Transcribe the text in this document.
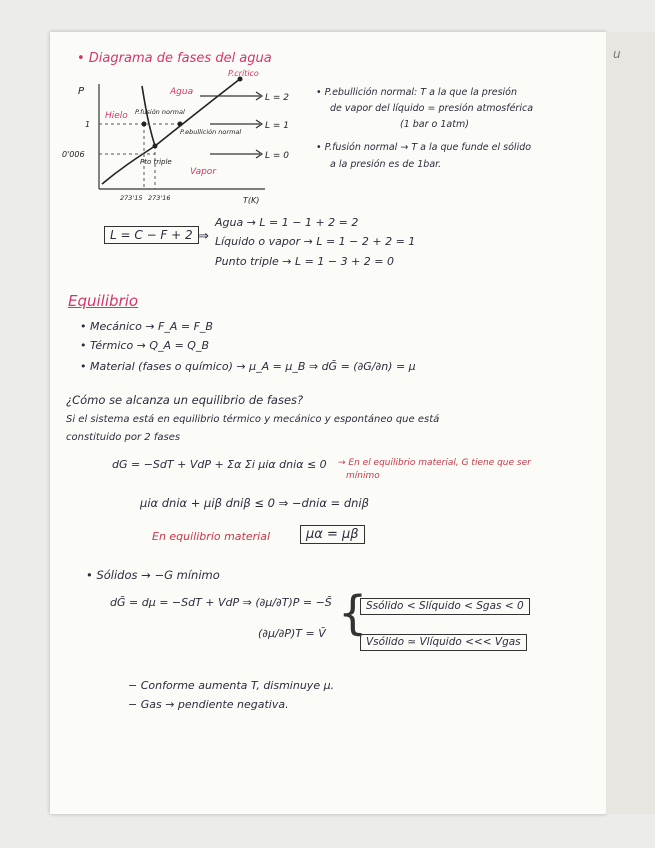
u
• Diagrama de fases del agua
P
T(K)
P.crítico
Agua
Hielo
Vapor
P.fusión normal
P.ebullición normal
Pto triple
1
0'006
273'15 273'16
L = 2
L = 1
L = 0
• P.ebullición normal: T a la que la presión
de vapor del líquido = presión atmosférica
(1 bar o 1atm)
• P.fusión normal → T a la que funde el sólido
a la presión es de 1bar.
L = C − F + 2 ⇒
Agua → L = 1 − 1 + 2 = 2
Líquido o vapor → L = 1 − 2 + 2 = 1
Punto triple → L = 1 − 3 + 2 = 0
Equilibrio
• Mecánico → F_A = F_B
• Térmico → Q_A = Q_B
• Material (fases o químico) → μ_A = μ_B ⇒ dḠ = (∂G/∂n) = μ
¿Cómo se alcanza un equilibrio de fases?
Si el sistema está en equilibrio térmico y mecánico y espontáneo que está
constituido por 2 fases
dG = −SdT + VdP + Σα Σi μiα dniα ≤ 0 → En el equilibrio material, G tiene que ser
mínimo
μiα dniα + μiβ dniβ ≤ 0 ⇒ −dniα = dniβ
En equilibrio material	μα = μβ
• Sólidos → −G mínimo
dḠ = dμ = −SdT + VdP ⇒ (∂μ/∂T)P = −S̄
(∂μ/∂P)T = V̄ {
Ssólido < Slíquido < Sgas < 0
Vsólido ≃ Vlíquido <<< Vgas
− Conforme aumenta T, disminuye μ.
− Gas → pendiente negativa.
